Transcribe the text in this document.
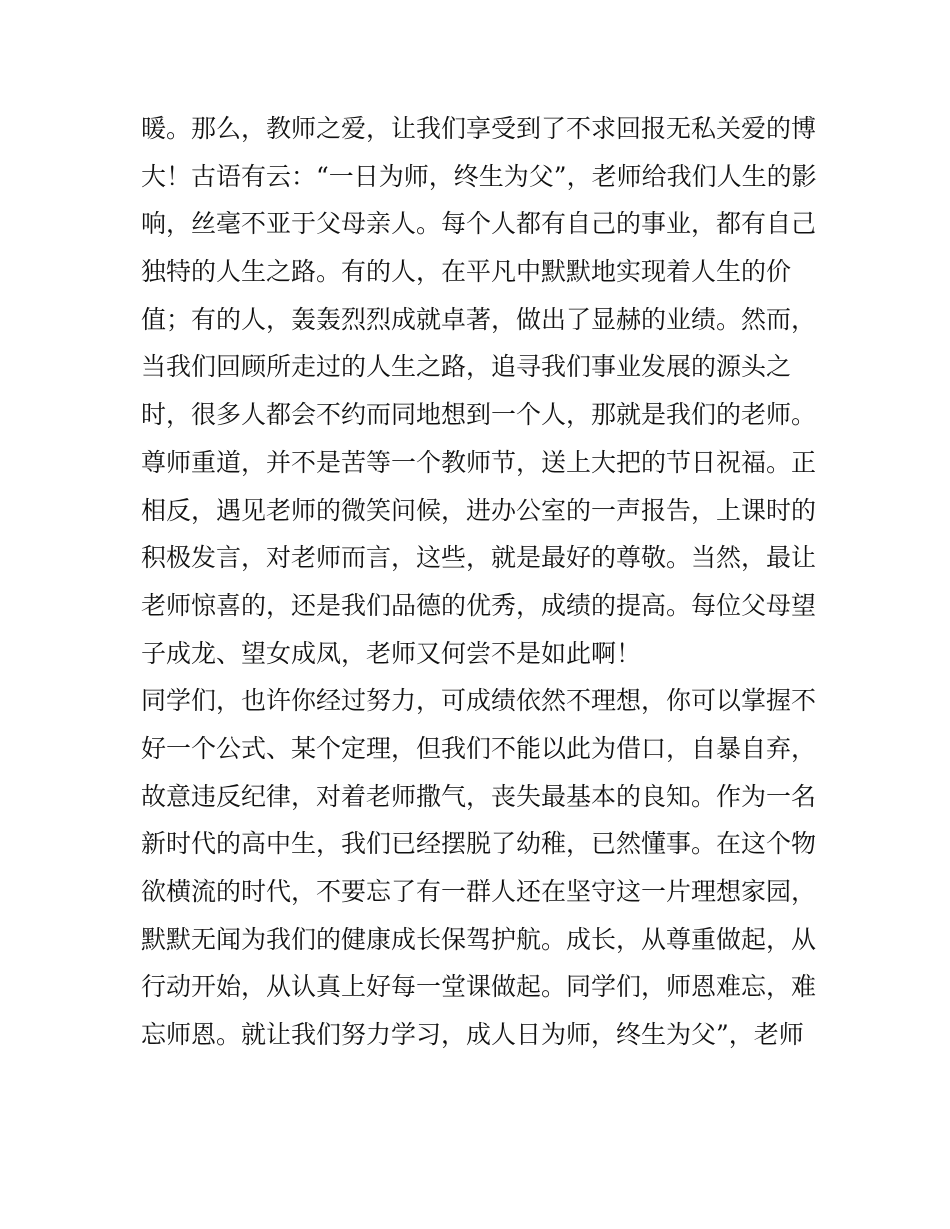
暖。那么，教师之爱，让我们享受到了不求回报无私关爱的博
大！古语有云：“一日为师，终生为父”，老师给我们人生的影
响，丝毫不亚于父母亲人。每个人都有自己的事业，都有自己
独特的人生之路。有的人，在平凡中默默地实现着人生的价
值；有的人，轰轰烈烈成就卓著，做出了显赫的业绩。然而，
当我们回顾所走过的人生之路，追寻我们事业发展的源头之
时，很多人都会不约而同地想到一个人，那就是我们的老师。
尊师重道，并不是苦等一个教师节，送上大把的节日祝福。正
相反，遇见老师的微笑问候，进办公室的一声报告，上课时的
积极发言，对老师而言，这些，就是最好的尊敬。当然，最让
老师惊喜的，还是我们品德的优秀，成绩的提高。每位父母望
子成龙、望女成凤，老师又何尝不是如此啊！
同学们，也许你经过努力，可成绩依然不理想，你可以掌握不
好一个公式、某个定理，但我们不能以此为借口，自暴自弃，
故意违反纪律，对着老师撒气，丧失最基本的良知。作为一名
新时代的高中生，我们已经摆脱了幼稚，已然懂事。在这个物
欲横流的时代，不要忘了有一群人还在坚守这一片理想家园，
默默无闻为我们的健康成长保驾护航。成长，从尊重做起，从
行动开始，从认真上好每一堂课做起。同学们，师恩难忘，难
忘师恩。就让我们努力学习，成人日为师，终生为父”，老师
